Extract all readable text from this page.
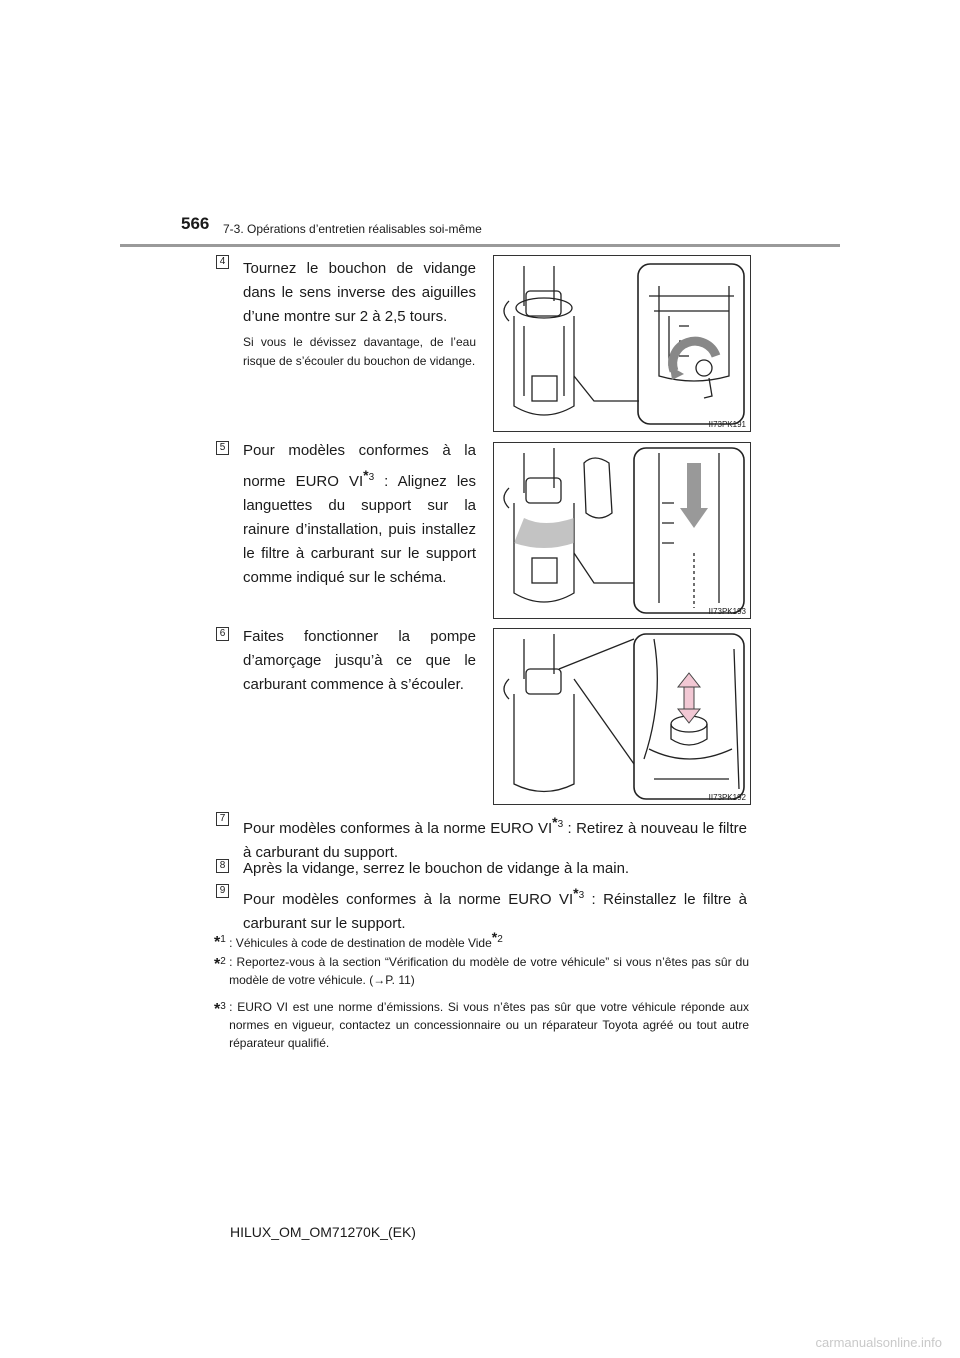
566 7-3. Opérations d’entretien réalisables soi-même
4 Tournez le bouchon de vidange dans le sens inverse des aiguilles d’une montre sur 2 à 2,5 tours.
Si vous le dévissez davantage, de l’eau risque de s’écouler du bouchon de vidange.
II73PK191
5 Pour modèles conformes à la norme EURO VI$^{*3}$ : Alignez les languettes du support sur la rainure d’installation, puis installez le filtre à carburant sur le support comme indiqué sur le schéma.
II73PK193
6 Faites fonctionner la pompe d’amorçage jusqu’à ce que le carburant commence à s’écouler.
II73PK192
7
Pour modèles conformes à la norme EURO VI$^{*3}$ : Retirez à nouveau le filtre à carburant du support.
8 Après la vidange, serrez le bouchon de vidange à la main.
9
Pour modèles conformes à la norme EURO VI$^{*3}$ : Réinstallez le filtre à carburant sur le support.
*$^1$ : Véhicules à code de destination de modèle Vide$^{*2}$
*$^2$ : Reportez-vous à la section “Vérification du modèle de votre véhicule” si vous n’êtes pas sûr du modèle de votre véhicule. (→P. 11)
*$^3$ : EURO VI est une norme d’émissions. Si vous n’êtes pas sûr que votre véhicule réponde aux normes en vigueur, contactez un concessionnaire ou un réparateur Toyota agréé ou tout autre réparateur qualifié.
HILUX_OM_OM71270K_(EK)
carmanualsonline.info
